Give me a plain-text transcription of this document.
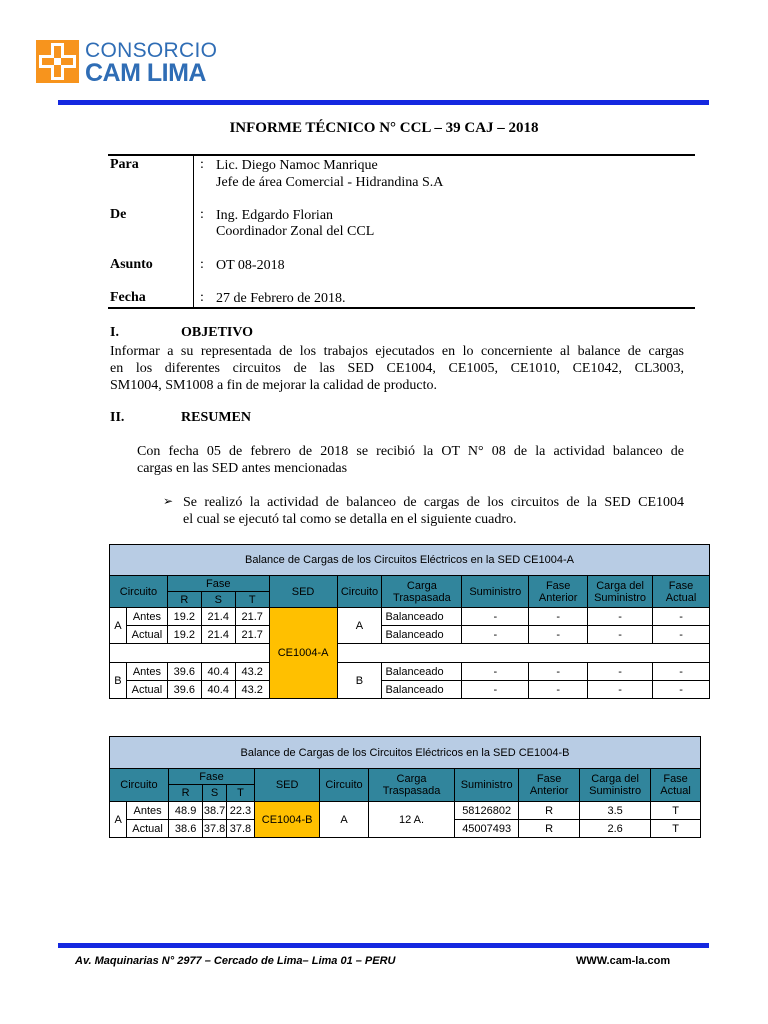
CONSORCIO
CAM LIMA
INFORME TÉCNICO N° CCL – 39 CAJ – 2018
Para	: Lic. Diego Namoc Manrique
Jefe de área Comercial - Hidrandina S.A
De	: Ing. Edgardo Florian
Coordinador Zonal del CCL
Asunto	: OT 08-2018
Fecha	: 27 de Febrero de 2018.
I.	OBJETIVO
Informar a su representada de los trabajos ejecutados en lo concerniente al balance de cargas
en los diferentes circuitos de las SED CE1004, CE1005, CE1010, CE1042, CL3003,
SM1004, SM1008 a fin de mejorar la calidad de producto.
II.	RESUMEN
Con fecha 05 de febrero de 2018 se recibió la OT N° 08 de la actividad balanceo de
cargas en las SED antes mencionadas
➢ Se realizó la actividad de balanceo de cargas de los circuitos de la SED CE1004
el cual se ejecutó tal como se detalla en el siguiente cuadro.
Balance de Cargas de los Circuitos Eléctricos en la SED CE1004-A											
Circuito		Fase			SED	Circuito	Carga Traspasada	Suministro	Fase Anterior	Carga del Suministro	Fase Actual
		R	S	T							
A	Antes	19.2	21.4	21.7	CE1004-A	A	Balanceado	-	-	-	-
	Actual	19.2	21.4	21.7			Balanceado	-	-	-	-

B	Antes	39.6	40.4	43.2		B	Balanceado	-	-	-	-
	Actual	39.6	40.4	43.2			Balanceado	-	-	-	-
Balance de Cargas de los Circuitos Eléctricos en la SED CE1004-B											
Circuito		Fase			SED	Circuito	Carga Traspasada	Suministro	Fase Anterior	Carga del Suministro	Fase Actual
		R	S	T							
A	Antes	48.9	38.7	22.3	CE1004-B	A	12 A.	58126802	R	3.5	T
	Actual	38.6	37.8	37.8				45007493	R	2.6	T
Av. Maquinarias N° 2977 – Cercado de Lima– Lima 01 – PERU	WWW.cam-la.com
